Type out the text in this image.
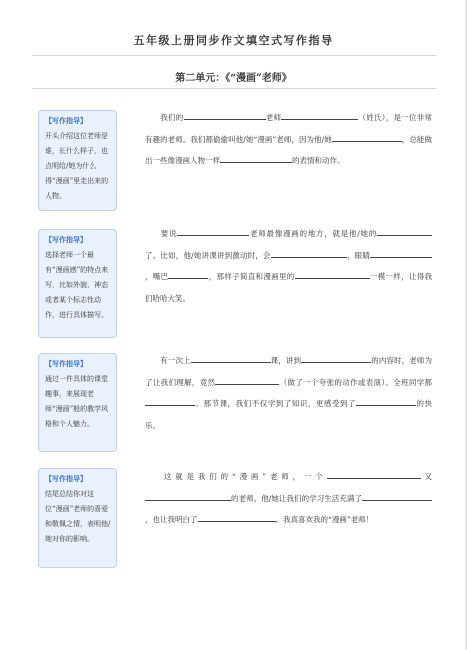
五年级上册同步作文填空式写作指导
第二单元：《“漫画”老师》
【写作指导】
开头介绍这位老师是谁，长什么样子，也点明给/她为什么得“漫画”里走出来的人物。
我们的	老师	（姓氏），是一位非常有趣的老师。我们都偷偷叫他/她“漫画”老师，因为他/她	，总能做出一些像漫画人物一样	的表情和动作。
【写作指导】
选择老师一个最有“漫画感”的特点来写，比如外貌、神态或者某个标志性动作，进行具体描写。
要说	老师最像漫画的地方，就是他/她的了。比如，他/她讲课讲到激动时，会	，眼睛，嘴巴	，那样子简直和漫画里的	一模一样，让得我们哈哈大笑。
【写作指导】
通过一件具体的课堂趣事，来展现老师“漫画”般的教学风格和个人魅力。
有一次上	课，讲到	的内容时，老师为了让我们理解，竟然	（做了一个夸张的动作或表演）。全班同学都。那节课，我们不仅学到了知识，更感受到了	的快乐。
【写作指导】
结尾总结你对这位“漫画”老师的喜爱和敬佩之情，表明他/她对你的影响。
这就是我们的“漫画”老师，一个	又的老师。他/她让我们的学习生活充满了，也让我明白了	。我真喜欢我的“漫画”老师！
